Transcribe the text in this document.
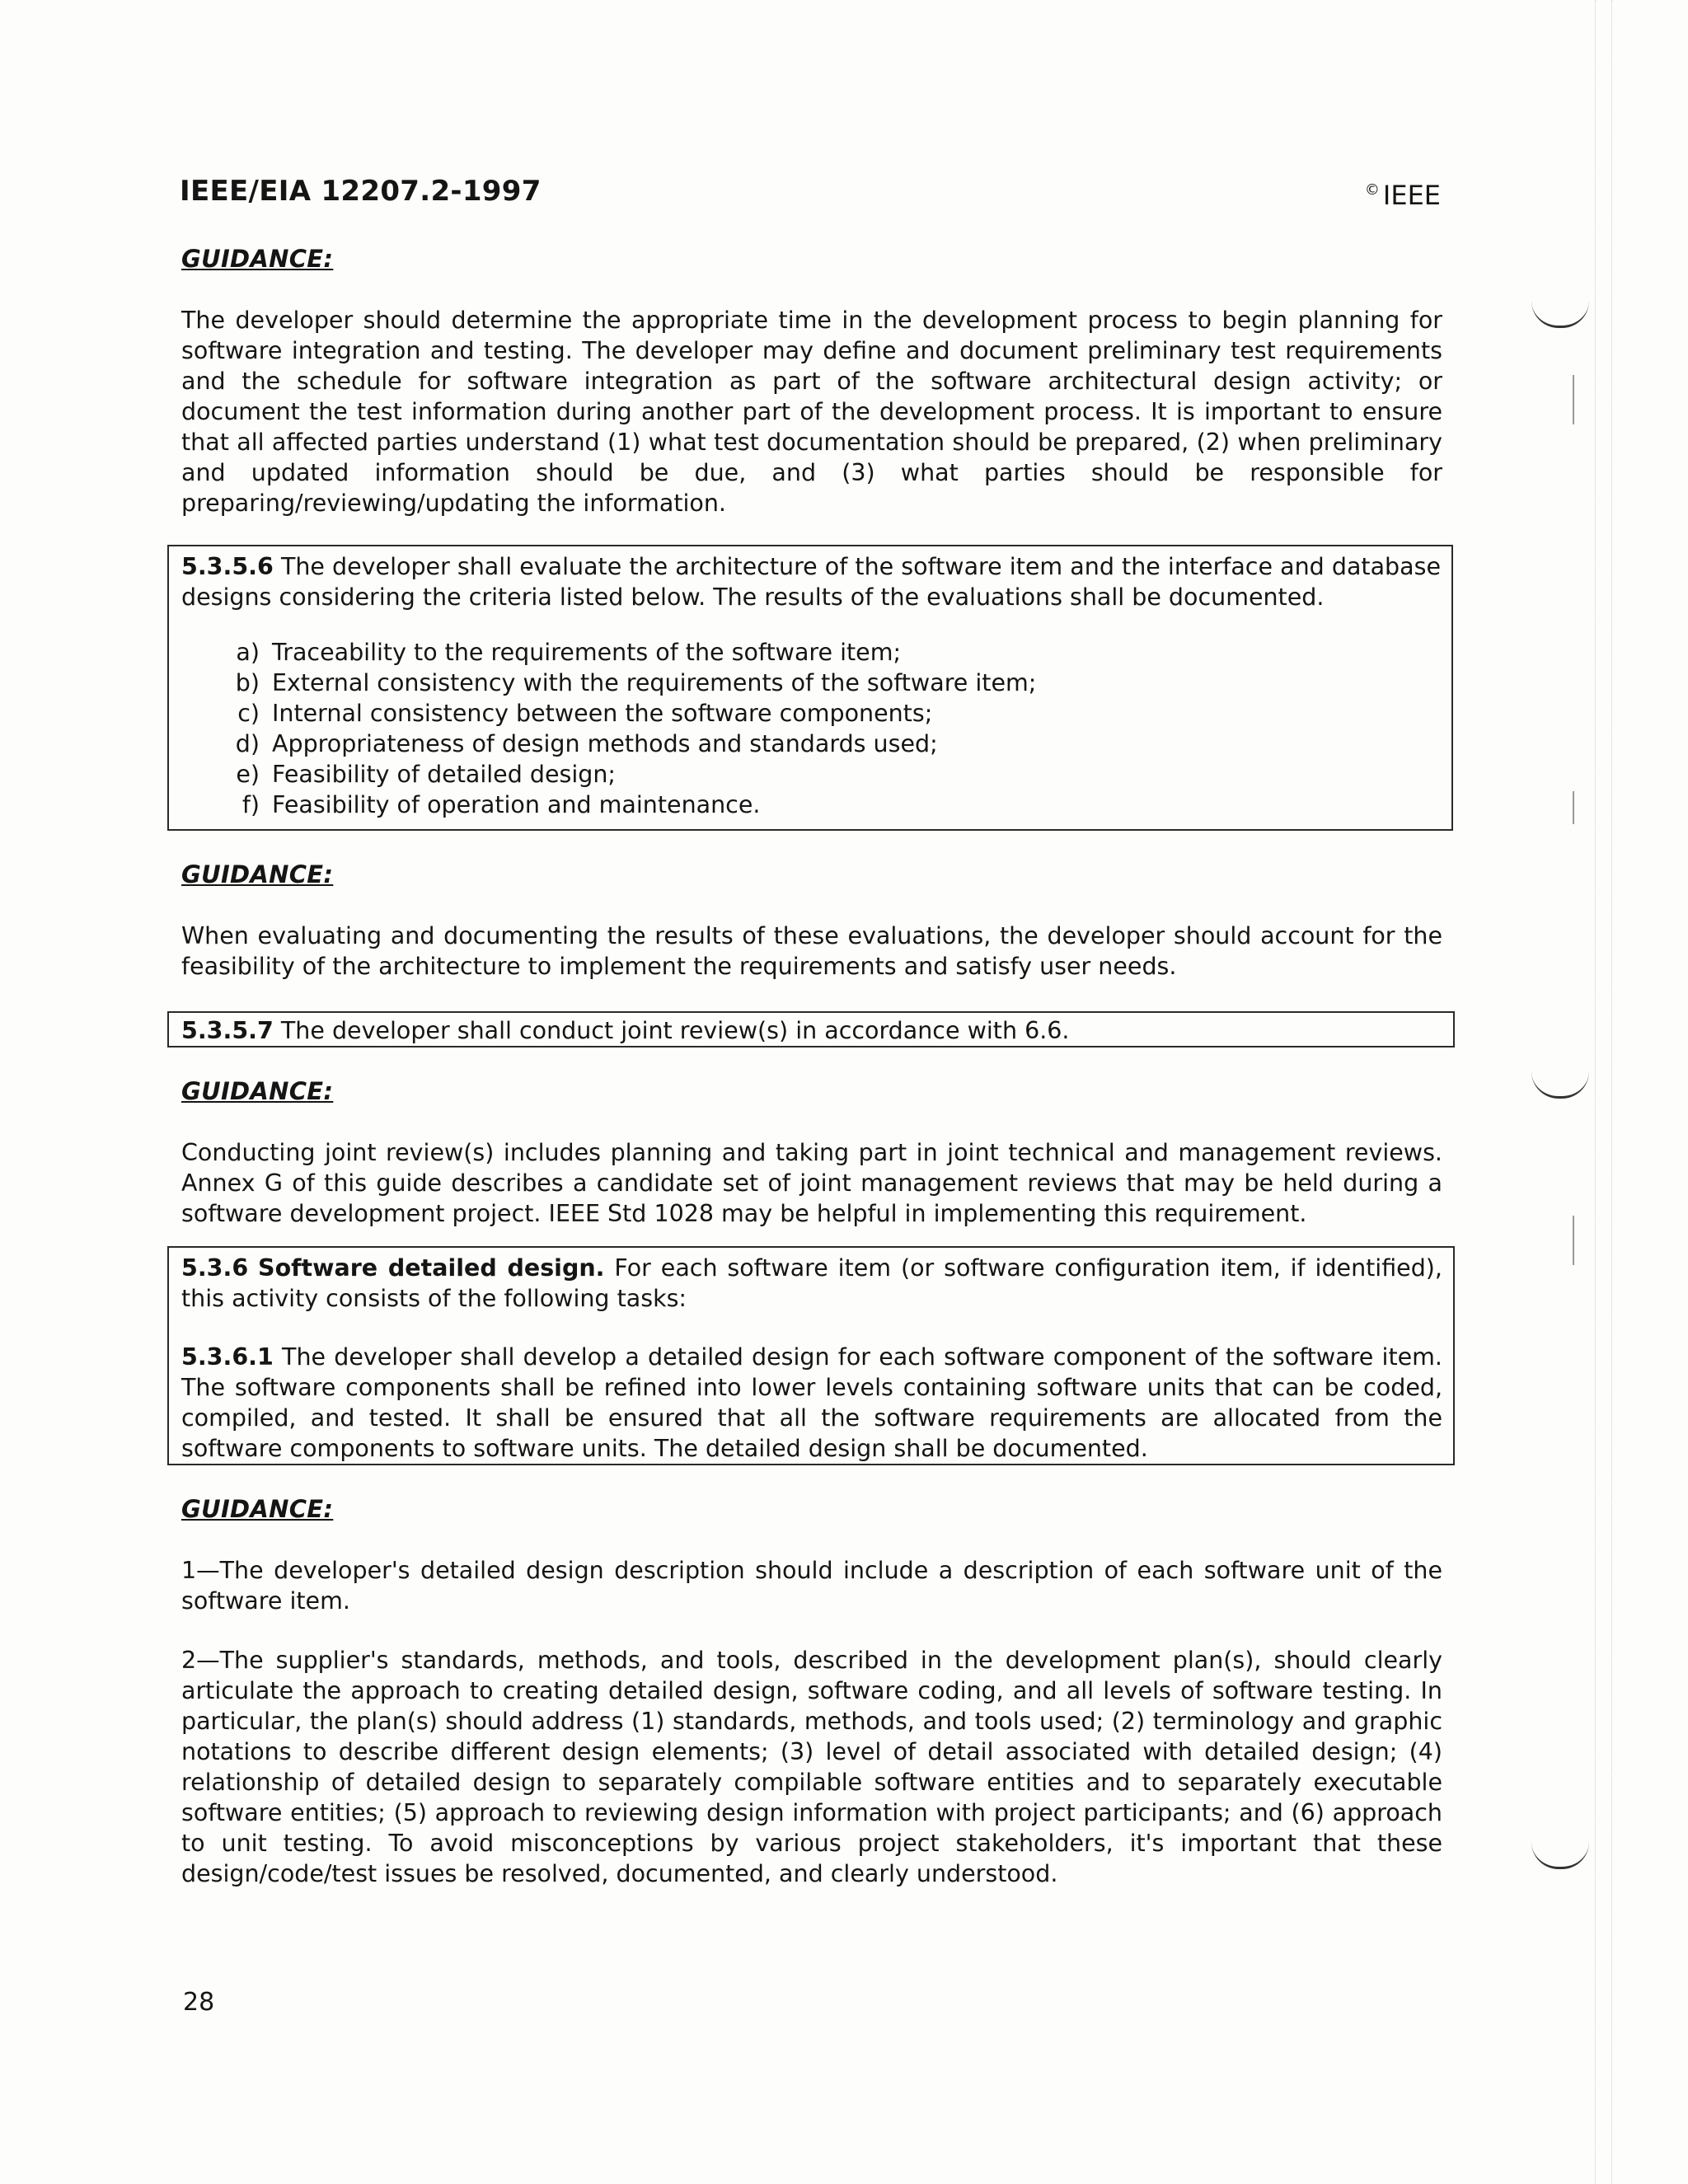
IEEE/EIA 12207.2-1997	© IEEE
GUIDANCE:

The developer should determine the appropriate time in the development process to begin planning for software integration and testing. The developer may define and document preliminary test requirements and the schedule for software integration as part of the software architectural design activity; or document the test information during another part of the development process. It is important to ensure that all affected parties understand (1) what test documentation should be prepared, (2) when preliminary and updated information should be due, and (3) what parties should be responsible for preparing/reviewing/updating the information.

5.3.5.6 The developer shall evaluate the architecture of the software item and the interface and database designs considering the criteria listed below. The results of the evaluations shall be documented.

a) Traceability to the requirements of the software item;
b) External consistency with the requirements of the software item;
c) Internal consistency between the software components;
d) Appropriateness of design methods and standards used;
e) Feasibility of detailed design;
f) Feasibility of operation and maintenance.
GUIDANCE:

When evaluating and documenting the results of these evaluations, the developer should account for the feasibility of the architecture to implement the requirements and satisfy user needs.

5.3.5.7 The developer shall conduct joint review(s) in accordance with 6.6.

GUIDANCE:

Conducting joint review(s) includes planning and taking part in joint technical and management reviews. Annex G of this guide describes a candidate set of joint management reviews that may be held during a software development project. IEEE Std 1028 may be helpful in implementing this requirement.

5.3.6 Software detailed design. For each software item (or software configuration item, if identified), this activity consists of the following tasks:

5.3.6.1 The developer shall develop a detailed design for each software component of the software item. The software components shall be refined into lower levels containing software units that can be coded, compiled, and tested. It shall be ensured that all the software requirements are allocated from the software components to software units. The detailed design shall be documented.

GUIDANCE:

1—The developer's detailed design description should include a description of each software unit of the software item.

2—The supplier's standards, methods, and tools, described in the development plan(s), should clearly articulate the approach to creating detailed design, software coding, and all levels of software testing. In particular, the plan(s) should address (1) standards, methods, and tools used; (2) terminology and graphic notations to describe different design elements; (3) level of detail associated with detailed design; (4) relationship of detailed design to separately compilable software entities and to separately executable software entities; (5) approach to reviewing design information with project participants; and (6) approach to unit testing. To avoid misconceptions by various project stakeholders, it's important that these design/code/test issues be resolved, documented, and clearly understood.

28
